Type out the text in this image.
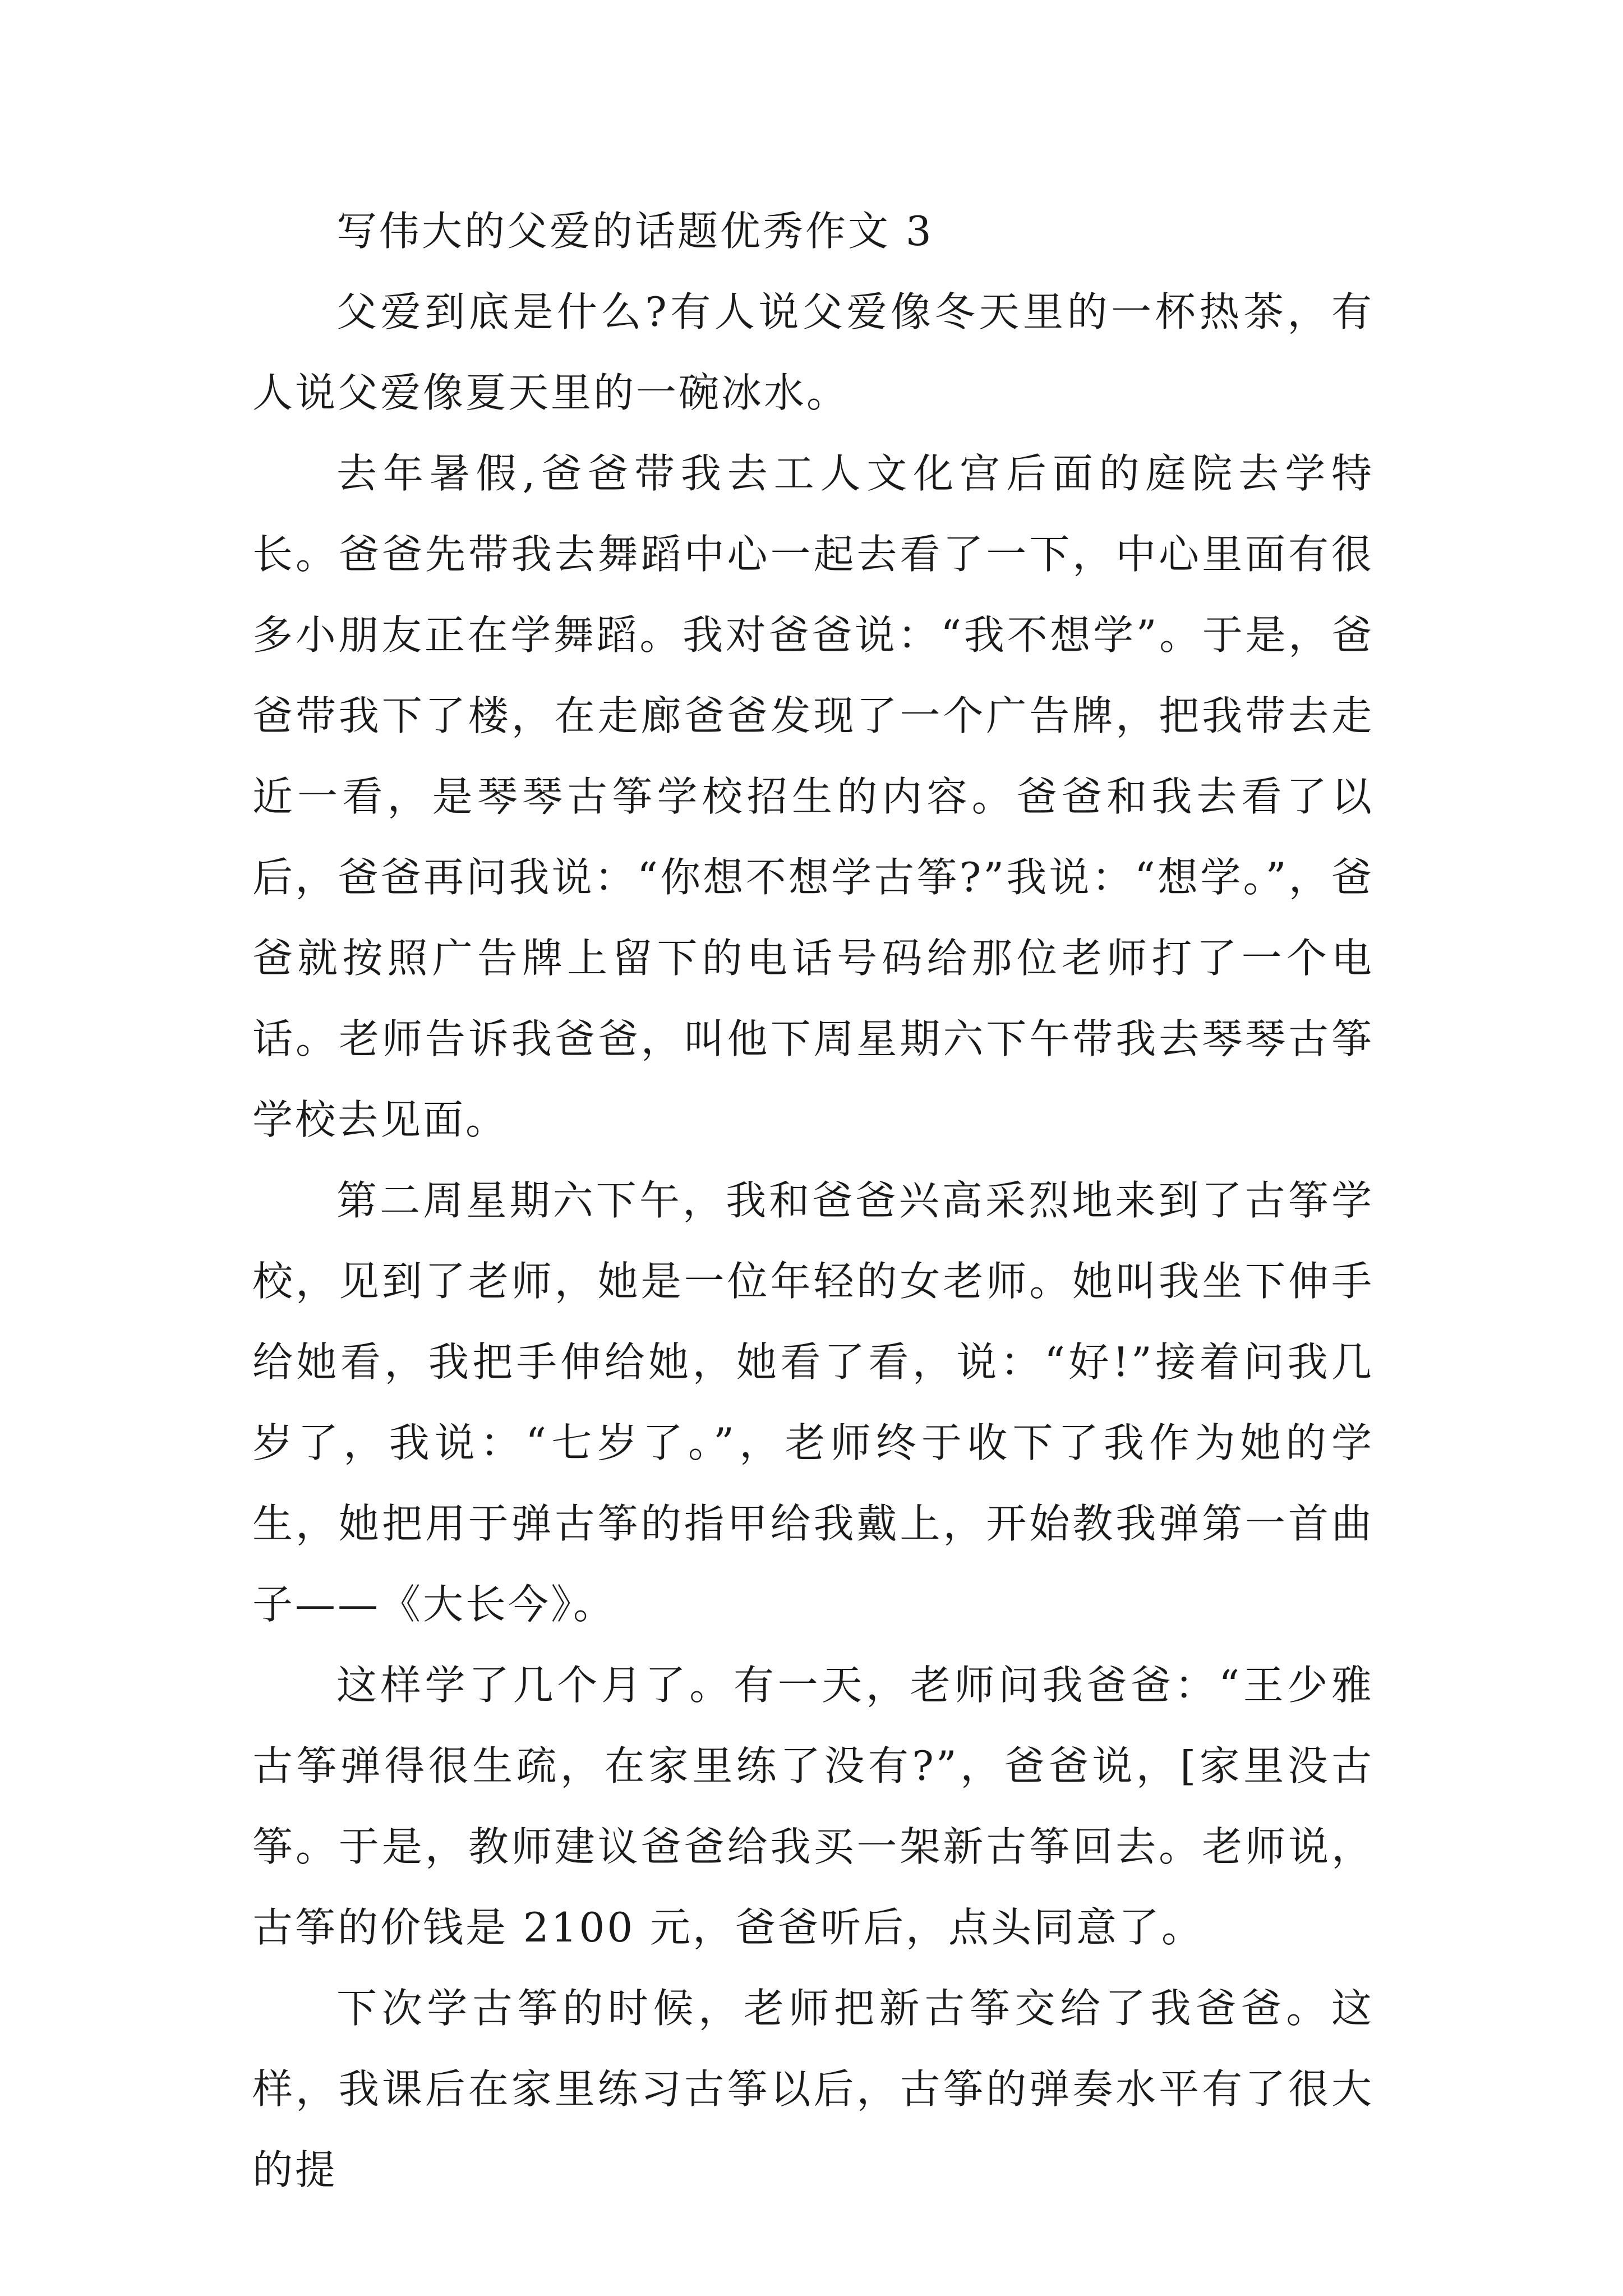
写伟大的父爱的话题优秀作文 3

父爱到底是什么?有人说父爱像冬天里的一杯热茶，有人说父爱像夏天里的一碗冰水。

去年暑假,爸爸带我去工人文化宫后面的庭院去学特长。爸爸先带我去舞蹈中心一起去看了一下，中心里面有很多小朋友正在学舞蹈。我对爸爸说：“我不想学”。于是，爸爸带我下了楼，在走廊爸爸发现了一个广告牌，把我带去走近一看，是琴琴古筝学校招生的内容。爸爸和我去看了以后，爸爸再问我说：“你想不想学古筝?”我说：“想学。”，爸爸就按照广告牌上留下的电话号码给那位老师打了一个电话。老师告诉我爸爸，叫他下周星期六下午带我去琴琴古筝学校去见面。

第二周星期六下午，我和爸爸兴高采烈地来到了古筝学校，见到了老师，她是一位年轻的女老师。她叫我坐下伸手给她看，我把手伸给她，她看了看，说：“好!”接着问我几岁了，我说：“七岁了。”，老师终于收下了我作为她的学生，她把用于弹古筝的指甲给我戴上，开始教我弹第一首曲子——《大长今》。

这样学了几个月了。有一天，老师问我爸爸：“王少雅古筝弹得很生疏，在家里练了没有?”，爸爸说，[家里没古筝。于是，教师建议爸爸给我买一架新古筝回去。老师说，古筝的价钱是 2100 元，爸爸听后，点头同意了。

下次学古筝的时候，老师把新古筝交给了我爸爸。这样，我课后在家里练习古筝以后，古筝的弹奏水平有了很大的提
